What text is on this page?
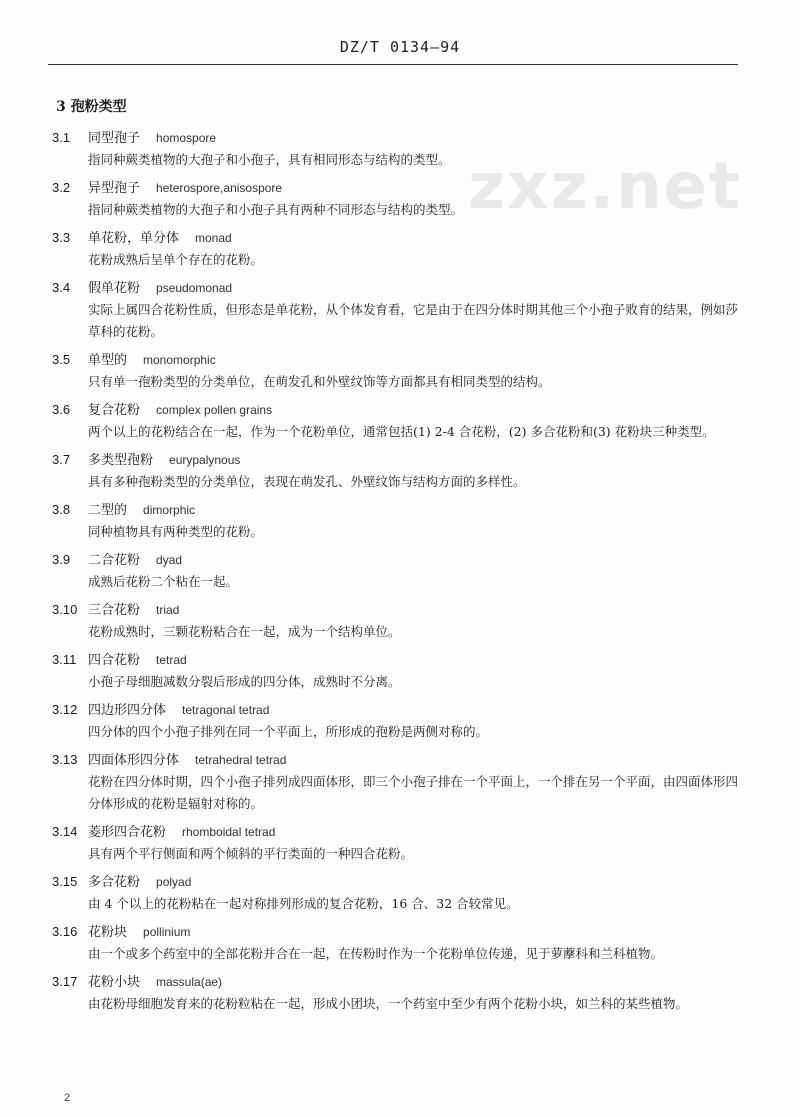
DZ/T 0134—94
zxz.net
3 孢粉类型
3.1 同型孢子 homospore
指同种蕨类植物的大孢子和小孢子，具有相同形态与结构的类型。
3.2 异型孢子 heterospore,anisospore
指同种蕨类植物的大孢子和小孢子具有两种不同形态与结构的类型。
3.3 单花粉，单分体 monad
花粉成熟后呈单个存在的花粉。
3.4 假单花粉 pseudomonad
实际上属四合花粉性质，但形态是单花粉，从个体发育看，它是由于在四分体时期其他三个小孢子败育的结果，例如莎草科的花粉。
3.5 单型的 monomorphic
只有单一孢粉类型的分类单位，在萌发孔和外壁纹饰等方面都具有相同类型的结构。
3.6 复合花粉 complex pollen grains
两个以上的花粉结合在一起，作为一个花粉单位，通常包括(1) 2-4 合花粉，(2) 多合花粉和(3) 花粉块三种类型。
3.7 多类型孢粉 eurypalynous
具有多种孢粉类型的分类单位，表现在萌发孔、外壁纹饰与结构方面的多样性。
3.8 二型的 dimorphic
同种植物具有两种类型的花粉。
3.9 二合花粉 dyad
成熟后花粉二个粘在一起。
3.10 三合花粉 triad
花粉成熟时，三颗花粉粘合在一起，成为一个结构单位。
3.11 四合花粉 tetrad
小孢子母细胞减数分裂后形成的四分体，成熟时不分离。
3.12 四边形四分体 tetragonal tetrad
四分体的四个小孢子排列在同一个平面上，所形成的孢粉是两侧对称的。
3.13 四面体形四分体 tetrahedral tetrad
花粉在四分体时期，四个小孢子排列成四面体形，即三个小孢子排在一个平面上，一个排在另一个平面，由四面体形四分体形成的花粉是辐射对称的。
3.14 菱形四合花粉 rhomboidal tetrad
具有两个平行侧面和两个倾斜的平行类面的一种四合花粉。
3.15 多合花粉 polyad
由 4 个以上的花粉粘在一起对称排列形成的复合花粉，16 合、32 合较常见。
3.16 花粉块 pollinium
由一个或多个药室中的全部花粉并合在一起，在传粉时作为一个花粉单位传递，见于萝藦科和兰科植物。
3.17 花粉小块 massula(ae)
由花粉母细胞发育来的花粉粒粘在一起，形成小团块，一个药室中至少有两个花粉小块，如兰科的某些植物。
2
